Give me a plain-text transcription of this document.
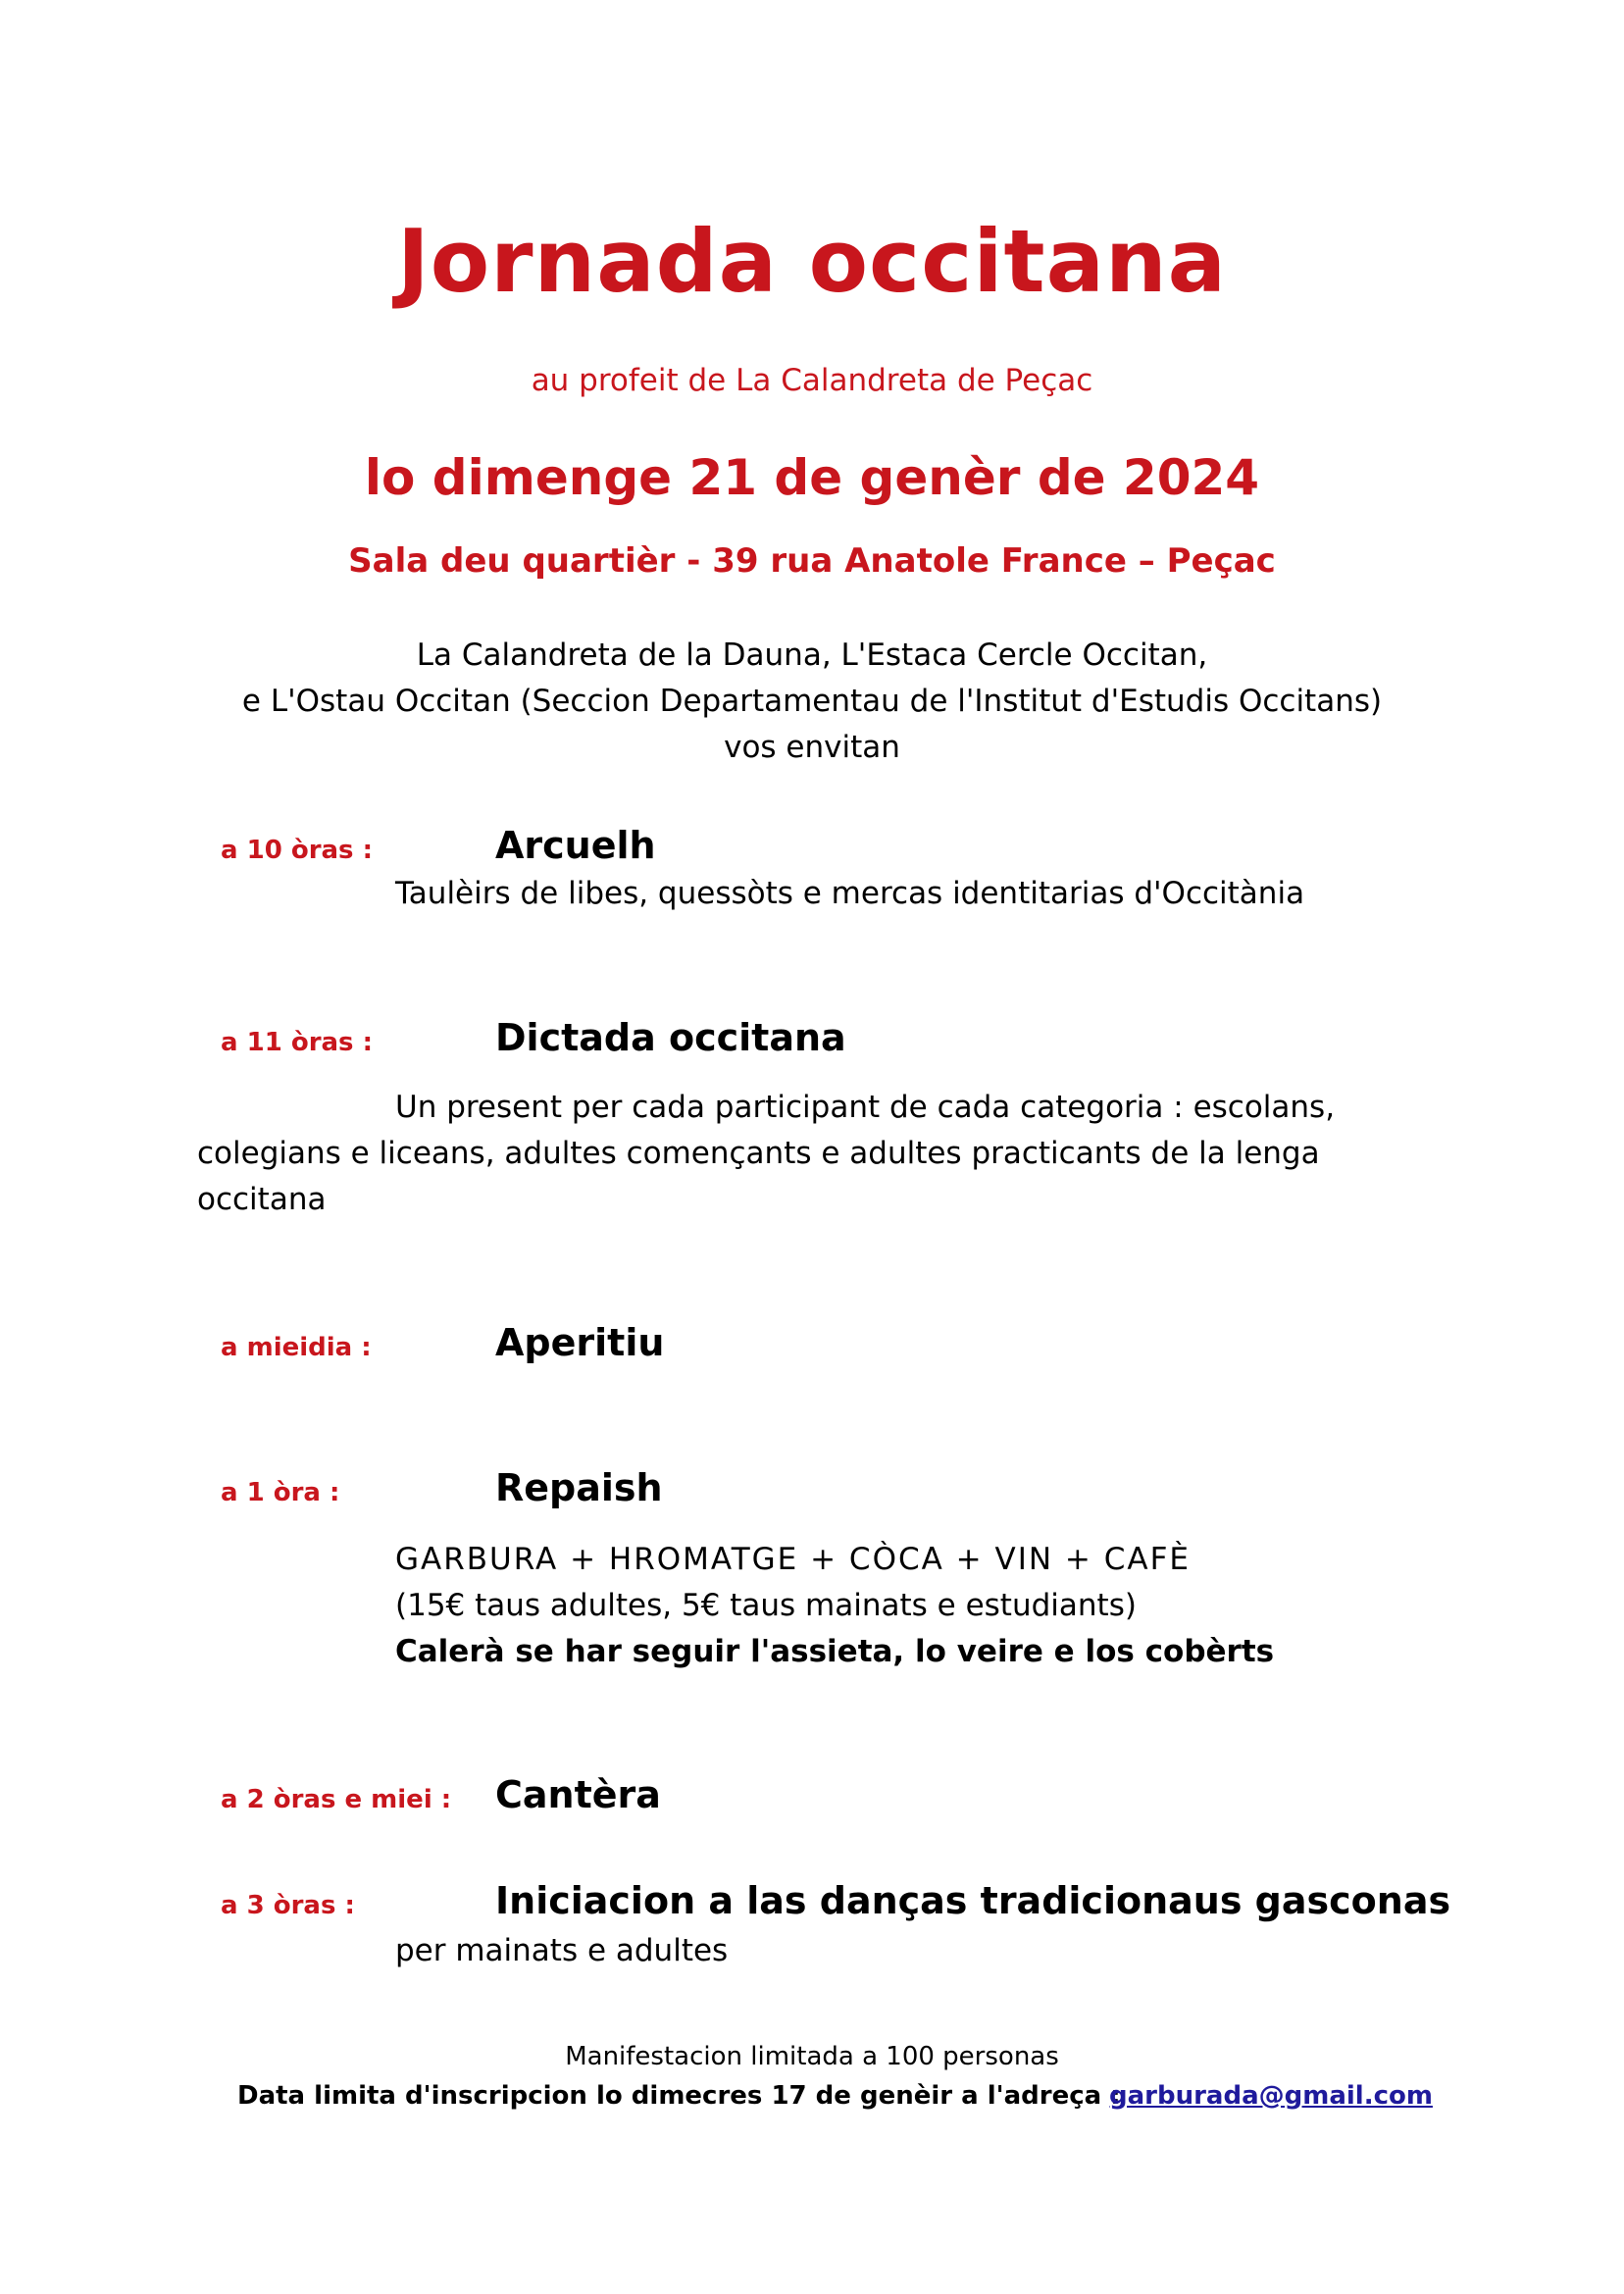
Jornada occitana
au profeit de La Calandreta de Peçac
lo dimenge 21 de genèr de 2024
Sala deu quartièr - 39 rua Anatole France – Peçac
La Calandreta de la Dauna, L'Estaca Cercle Occitan,
e L'Ostau Occitan (Seccion Departamentau de l'Institut d'Estudis Occitans)
vos envitan
a 10 òras :	Arcuelh
Taulèirs de libes, quessòts e mercas identitarias d'Occitània
a 11 òras :	Dictada occitana
Un present per cada participant de cada categoria : escolans, colegians e liceans, adultes començants e adultes practicants de la lenga occitana
a mieidia :	Aperitiu
a 1 òra :	Repaish
GARBURA + HROMATGE + CÒCA + VIN + CAFÈ
(15€ taus adultes, 5€ taus mainats e estudiants)
Calerà se har seguir l'assieta, lo veire e los cobèrts
a 2 òras e miei : Cantèra
a 3 òras :	Iniciacion a las danças tradicionaus gasconas
per mainats e adultes
Manifestacion limitada a 100 personas
Data limita d'inscripcion lo dimecres 17 de genèir a l'adreça :
garburada@gmail.com
